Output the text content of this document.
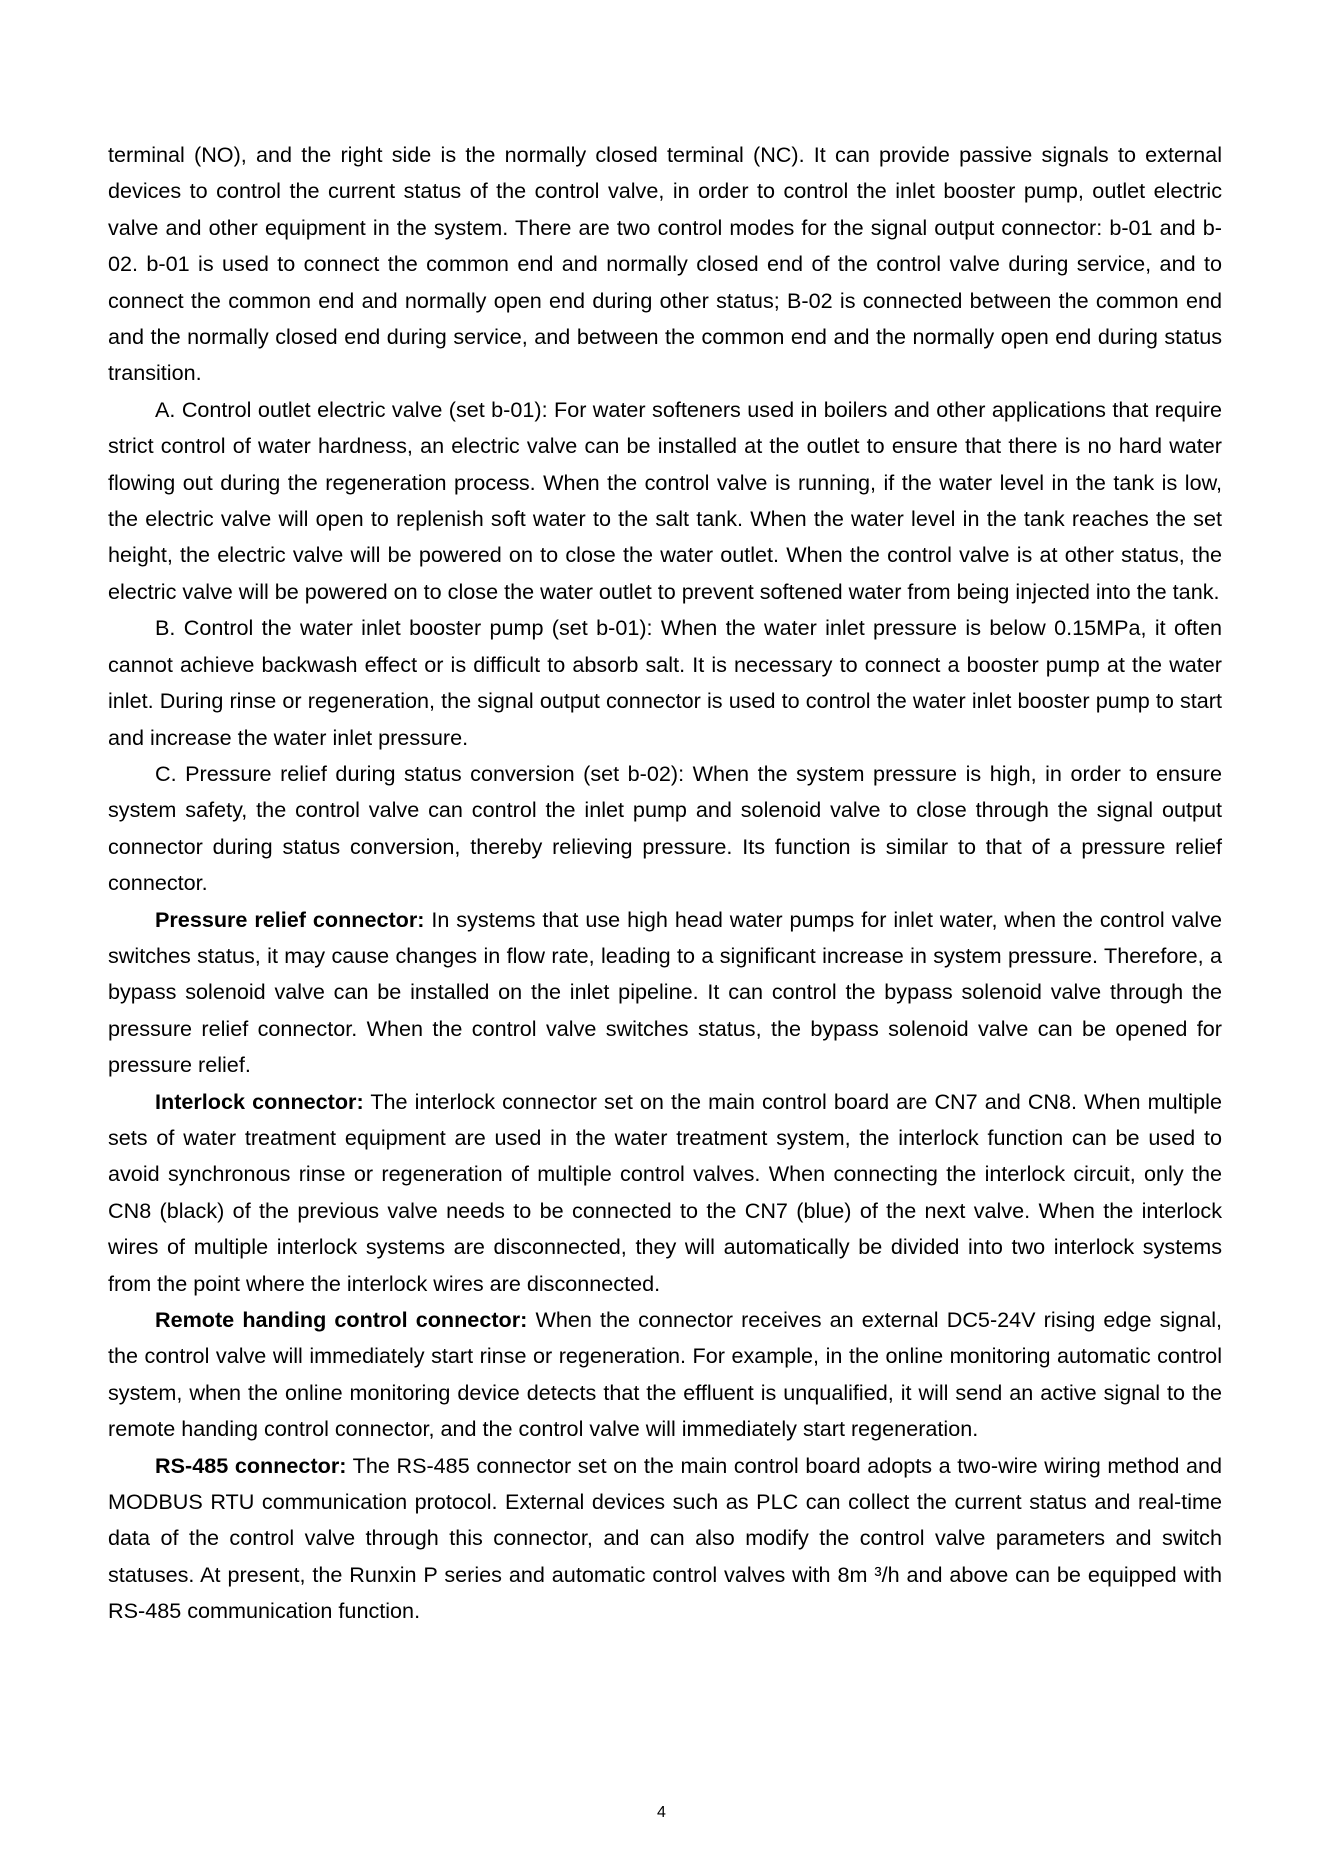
terminal (NO), and the right side is the normally closed terminal (NC). It can provide passive signals to external devices to control the current status of the control valve, in order to control the inlet booster pump, outlet electric valve and other equipment in the system. There are two control modes for the signal output connector: b-01 and b-02. b-01 is used to connect the common end and normally closed end of the control valve during service, and to connect the common end and normally open end during other status; B-02 is connected between the common end and the normally closed end during service, and between the common end and the normally open end during status transition.

A. Control outlet electric valve (set b-01): For water softeners used in boilers and other applications that require strict control of water hardness, an electric valve can be installed at the outlet to ensure that there is no hard water flowing out during the regeneration process. When the control valve is running, if the water level in the tank is low, the electric valve will open to replenish soft water to the salt tank. When the water level in the tank reaches the set height, the electric valve will be powered on to close the water outlet. When the control valve is at other status, the electric valve will be powered on to close the water outlet to prevent softened water from being injected into the tank.

B. Control the water inlet booster pump (set b-01): When the water inlet pressure is below 0.15MPa, it often cannot achieve backwash effect or is difficult to absorb salt. It is necessary to connect a booster pump at the water inlet. During rinse or regeneration, the signal output connector is used to control the water inlet booster pump to start and increase the water inlet pressure.

C. Pressure relief during status conversion (set b-02): When the system pressure is high, in order to ensure system safety, the control valve can control the inlet pump and solenoid valve to close through the signal output connector during status conversion, thereby relieving pressure. Its function is similar to that of a pressure relief connector.

Pressure relief connector: In systems that use high head water pumps for inlet water, when the control valve switches status, it may cause changes in flow rate, leading to a significant increase in system pressure. Therefore, a bypass solenoid valve can be installed on the inlet pipeline. It can control the bypass solenoid valve through the pressure relief connector. When the control valve switches status, the bypass solenoid valve can be opened for pressure relief.

Interlock connector: The interlock connector set on the main control board are CN7 and CN8. When multiple sets of water treatment equipment are used in the water treatment system, the interlock function can be used to avoid synchronous rinse or regeneration of multiple control valves. When connecting the interlock circuit, only the CN8 (black) of the previous valve needs to be connected to the CN7 (blue) of the next valve. When the interlock wires of multiple interlock systems are disconnected, they will automatically be divided into two interlock systems from the point where the interlock wires are disconnected.

Remote handing control connector: When the connector receives an external DC5-24V rising edge signal, the control valve will immediately start rinse or regeneration. For example, in the online monitoring automatic control system, when the online monitoring device detects that the effluent is unqualified, it will send an active signal to the remote handing control connector, and the control valve will immediately start regeneration.

RS-485 connector: The RS-485 connector set on the main control board adopts a two-wire wiring method and MODBUS RTU communication protocol. External devices such as PLC can collect the current status and real-time data of the control valve through this connector, and can also modify the control valve parameters and switch statuses. At present, the Runxin P series and automatic control valves with 8m ³/h and above can be equipped with RS-485 communication function.

4
